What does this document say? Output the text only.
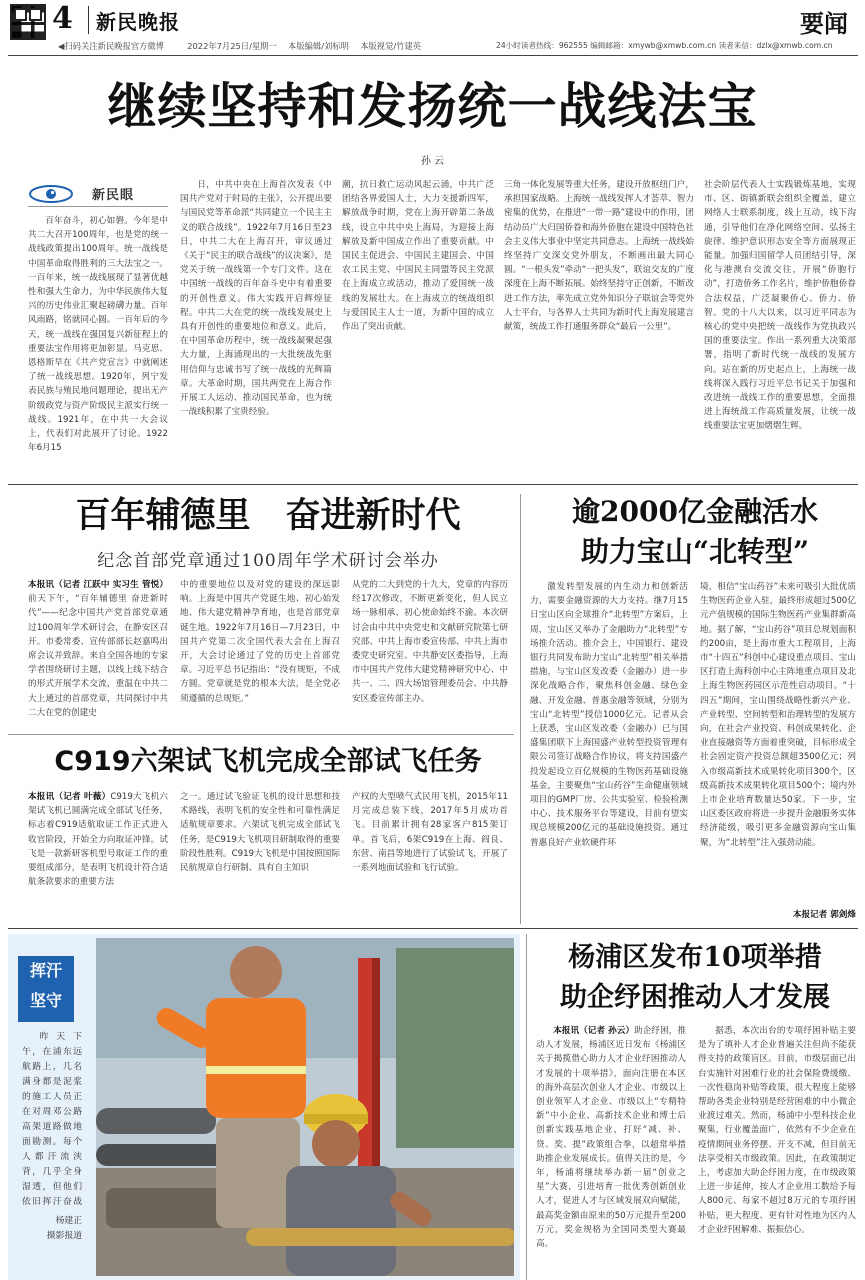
4 新民晚报	要闻
◀扫码关注新民晚报官方微博	2022年7月25日/星期一 本版编辑/刘标明 本版视觉/竹建英	24小时读者热线：962555 编辑邮箱：xmywb@xmwb.com.cn 读者来信：dzlx@xmwb.com.cn
继续坚持和发扬统一战线法宝
孙 云
新民眼

百年奋斗，初心如磐。今年是中共二大召开100周年，也是党的统一战线政策提出100周年。统一战线是中国革命取得胜利的三大法宝之一。一百年来，统一战线展现了显著优越性和强大生命力，为中华民族伟大复兴的历史伟业汇聚起磅礴力量。百年风雨路，铭就同心圆。一百年后的今天，统一战线在强国复兴新征程上的重要法宝作用将更加彰显。马克思、恩格斯早在《共产党宣言》中就阐述了统一战线思想。1920年，列宁发表民族与殖民地问题理论，提出无产阶级政党与资产阶级民主派实行统一战线。1921年，在中共一大会议上，代表们对此展开了讨论。1922年6月15

日，中共中央在上海首次发表《中国共产党对于时局的主张》，公开提出要与国民党等革命派“共同建立一个民主主义的联合战线”。1922年7月16日至23日，中共二大在上海召开，审议通过《关于“民主的联合战线”的议决案》，是党关于统一战线第一个专门文件。这在中国统一战线的百年奋斗史中有着重要的开创性意义。伟大实践开启辉煌征程。中共二大在党的统一战线发展史上具有开创性的重要地位和意义。此后，在中国革命历程中，统一战线凝聚起强大力量，上海涌现出的一大批统战先驱用信仰与忠诚书写了统一战线的光辉篇章。大革命时期，国共两党在上海合作开展工人运动、推动国民革命，也为统一战线积累了宝贵经验。

潮，抗日救亡运动风起云涌，中共广泛团结各界爱国人士，大力支援新四军，解放战争时期，党在上海开辟第二条战线，设立中共中央上海局，为迎接上海解放及新中国成立作出了重要贡献。中国民主促进会、中国民主建国会、中国农工民主党、中国民主同盟等民主党派在上海成立或活动，推动了爱国统一战线的发展壮大。在上海成立的统战组织与爱国民主人士一道，为新中国的成立作出了突出贡献。

三角一体化发展等重大任务，建设开放枢纽门户，承担国家战略。上海统一战线发挥人才荟萃、智力密集的优势，在推进“一带一路”建设中的作用，团结动员广大归国侨眷和海外侨胞在建设中国特色社会主义伟大事业中坚定共同意志。上海统一战线始终坚持广交深交党外朋友，不断画出最大同心圆。“一根头发”牵动“一把头发”，联谊交友的广度深度在上海不断拓展。始终坚持守正创新，不断改进工作方法，率先成立党外知识分子联谊会等党外人士平台，与各界人士共同为新时代上海发展建言献策，统战工作打通服务群众“最后一公里”。

社会阶层代表人士实践锻炼基地，实现市、区、街镇新联会组织全覆盖，建立网络人士联系制度，线上互动，线下沟通，引导他们在净化网络空间、弘扬主旋律、维护意识形态安全等方面展现正能量。加强归国留学人员团结引导，深化与港澳台交流交往，开展“侨胞行动”，打造侨务工作名片，维护侨胞侨眷合法权益，广泛凝聚侨心、侨力、侨智。党的十八大以来，以习近平同志为核心的党中央把统一战线作为党执政兴国的重要法宝。作出一系列重大决策部署，指明了新时代统一战线的发展方向。站在新的历史起点上，上海统一战线将深入践行习近平总书记关于加强和改进统一战线工作的重要思想，全面推进上海统战工作高质量发展，让统一战线重要法宝更加熠熠生辉。

百年辅德里　奋进新时代
纪念首部党章通过100周年学术研讨会举办

本报讯（记者 江跃中 实习生 管悦）前天下午，“百年辅德里 奋进新时代”——纪念中国共产党首部党章通过100周年学术研讨会，在静安区召开。市委常委、宣传部部长赵嘉鸣出席会议并致辞。来自全国各地的专家学者围绕研讨主题，以线上线下结合的形式开展学术交流，重温在中共二大上通过的首部党章，共同探讨中共二大在党的创建史

中的重要地位以及对党的建设的深远影响。上海是中国共产党诞生地、初心始发地、伟大建党精神孕育地，也是首部党章诞生地。1922年7月16日—7月23日，中国共产党第二次全国代表大会在上海召开，大会讨论通过了党的历史上首部党章。习近平总书记指出：“没有规矩，不成方圆。党章就是党的根本大法，是全党必须遵循的总规矩。”

从党的二大到党的十九大，党章的内容历经17次修改，不断更新变化，但人民立场一脉相承、初心使命始终不渝。本次研讨会由中共中央党史和文献研究院第七研究部、中共上海市委宣传部、中共上海市委党史研究室、中共静安区委指导，上海市中国共产党伟大建党精神研究中心、中共一、二、四大场馆管理委员会、中共静安区委宣传部主办。

C919六架试飞机完成全部试飞任务

本报讯（记者 叶薇）C919大飞机六架试飞机已圆满完成全部试飞任务，标志着C919适航取证工作正式进入收官阶段，开始全力向取证冲锋。试飞是一款新研客机型号取证工作的重要组成部分，是表明飞机设计符合适航条款要求的重要方法

之一。通过试飞验证飞机的设计思想和技术路线，表明飞机的安全性和可靠性满足适航规章要求。六架试飞机完成全部试飞任务，是C919大飞机项目研制取得的重要阶段性胜利。C919大飞机是中国按照国际民航规章自行研制、具有自主知识

产权的大型喷气式民用飞机，2015年11月完成总装下线，2017年5月成功首飞。目前累计拥有28家客户815架订单。首飞后，6架C919在上海、阎良、东营、南昌等地进行了试验试飞，开展了一系列地面试验和飞行试验。

逾2000亿金融活水
助力宝山“北转型”

激发转型发展的内生动力和创新活力，需要金融资源的大力支持。继7月15日宝山区向全球推介“北转型”方案后，上周，宝山区又举办了金融助力“北转型”专场推介活动。推介会上，中国银行、建设银行共同发布助力宝山“北转型”相关举措措施，与宝山区发改委（金融办）进一步深化战略合作，聚焦科创金融、绿色金融、开发金融、普惠金融等领域，分别为宝山“北转型”授信1000亿元。记者从会上获悉，宝山区发改委（金融办）已与国盛集团联下上海国盛产业转型投资管理有限公司签订战略合作协议，将支持国盛产投发起设立百亿规模的生物医药基础设施基金，主要聚焦“宝山药谷”生命健康领域项目的GMP厂房、公共实验室、检验检测中心、技术服务平台等建设，目前有望实现总规模200亿元的基础设施投资。通过普惠良好产业软硬件环

境，相信“宝山药谷”未来可吸引大批优质生物医药企业入驻，最终形成超过500亿元产值规模的国际生物医药产业集群新高地。据了解，“宝山药谷”项目总规划面积约200亩，是上海市重大工程项目，上海市“十四五”科创中心建设重点项目、宝山区打造上海科创中心主阵地重点项目及北上海生物医药园区示范性启动项目。“十四五”期间，宝山围绕战略性新兴产业、产业转型、空间转型和治理转型的发展方向，在社会产业投资、科创成果转化、企业直接融资等方面着重突破，目标形成全社会固定资产投资总额超3500亿元；列入市级高新技术成果转化项目300个，区级高新技术成果转化项目500个；境内外上市企业培育数量达50家。下一步，宝山区委区政府将进一步提升金融服务实体经济能级，吸引更多金融资源向宝山集聚，为“北转型”注入强劲动能。

本报记者 郭剑烽
挥汗
坚守

昨天下午，在浦东远航路上，几名满身都是泥浆的施工人员正在对周邓公路高架道路做地面勘测。每个人都汗流浃背，几乎全身湿透，但他们依旧挥汗奋战

杨建正
摄影报道
杨浦区发布10项举措
助企纾困推动人才发展

本报讯（记者 孙云）助企纾困，推动人才发展，杨浦区近日发布《杨浦区关于揭揽借心助力人才企业纾困推动人才发展的十项举措》，面向注册在本区的海外高层次创业人才企业、市级以上创业领军人才企业、市级以上“专精特新”中小企业、高新技术企业和博士后创新实践基地企业，打好“减、补、贷、奖、提”政策组合拳，以超常举措助推企业发展成长。值得关注的是，今年，杨浦将继续举办新一届“创业之星”大赛，引进培育一批优秀创新创业人才，促进人才与区域发展双向赋能，最高奖金额由原来的50万元提升至200万元，奖金规格为全国同类型大赛最高。

据悉，本次出台的专项纾困补贴主要是为了填补人才企业普遍关注但尚不能获得支持的政策盲区。目前，市级层面已出台实施针对困难行业的社会保险费缓缴、一次性稳岗补贴等政策，很大程度上能够帮助各类企业特别是经营困难的中小微企业渡过难关。然而，杨浦中小型科技企业聚集，行业覆盖面广，依然有不少企业在疫情期间业务停摆、开支不减，但目前无法享受相关市级政策。因此，在政策制定上，考虑加大助企纾困力度，在市级政策上进一步延伸，按人才企业用工数给予每人800元、每家不超过8万元的专项纾困补贴，更大程度、更有针对性地为区内人才企业纾困解难、振振信心。
